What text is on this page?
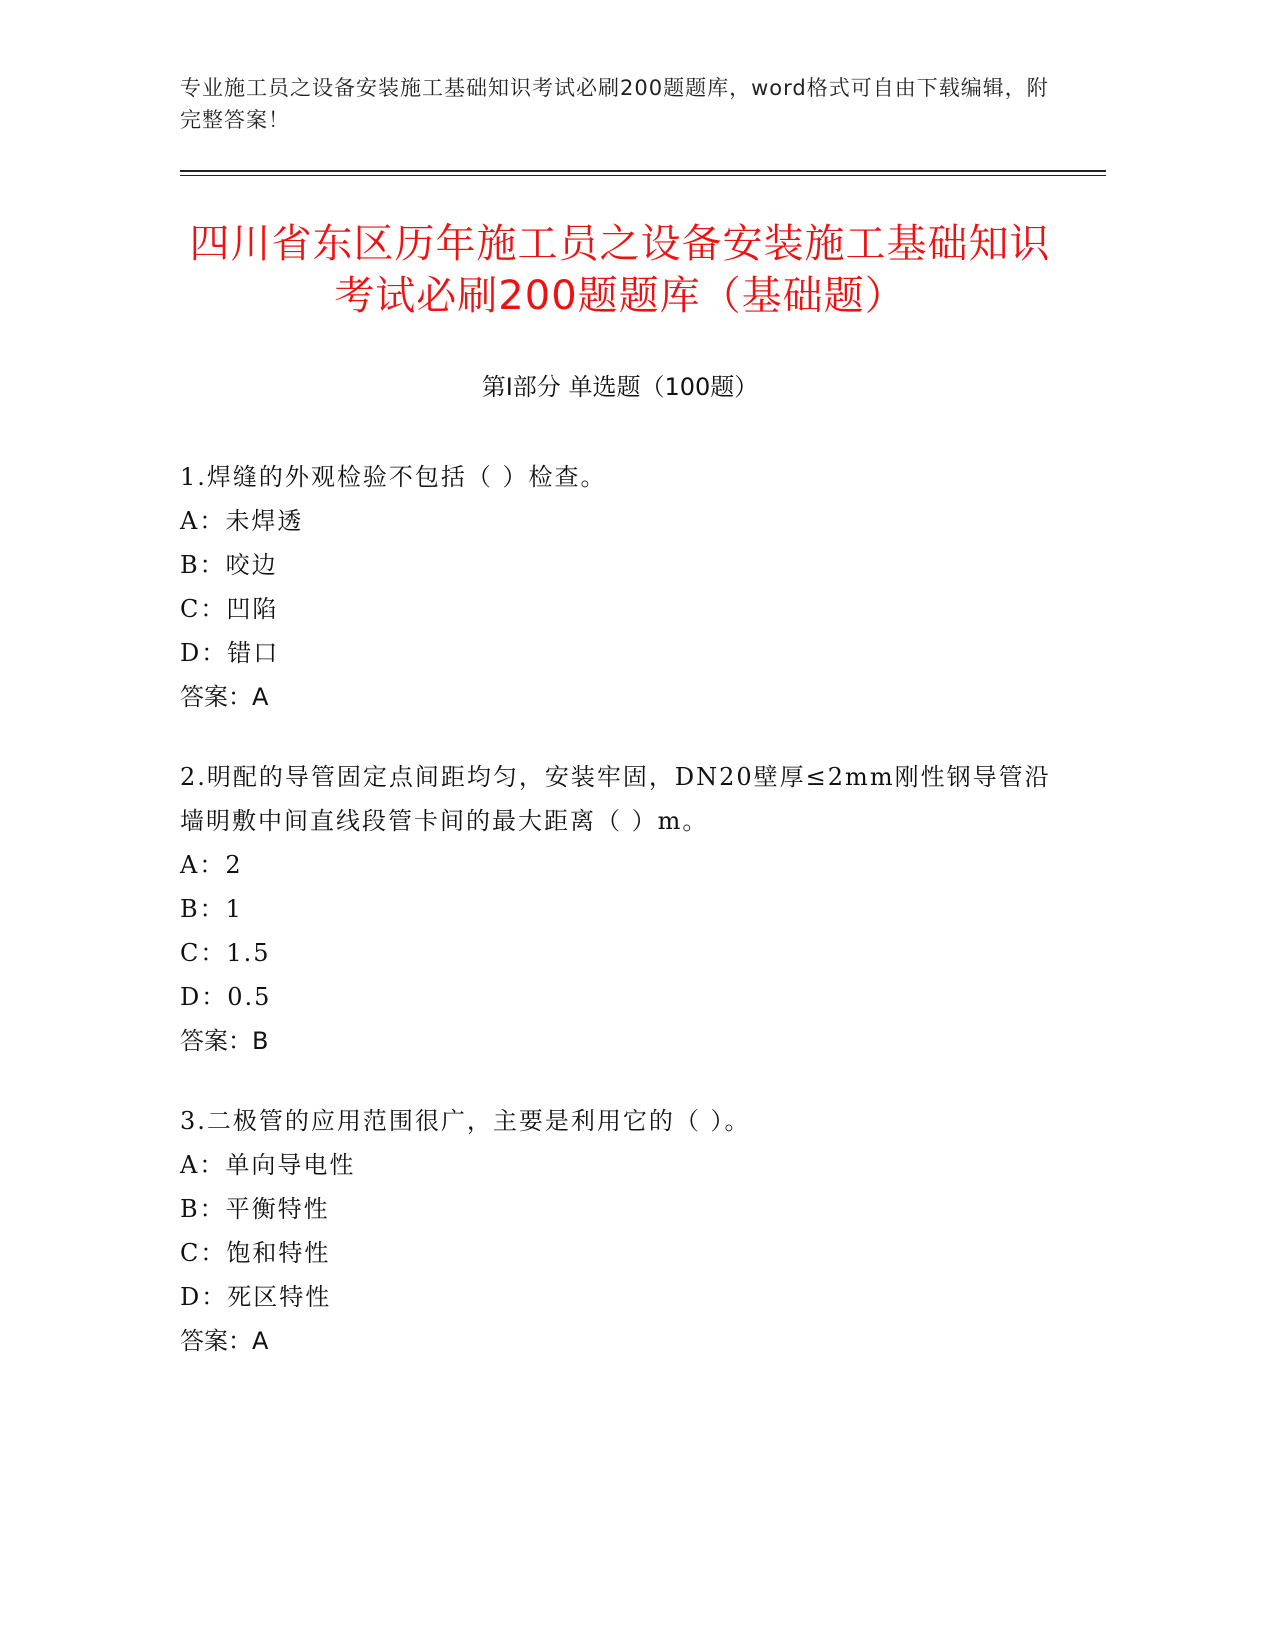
专业施工员之设备安装施工基础知识考试必刷200题题库，word格式可自由下载编辑，附完整答案！
四川省东区历年施工员之设备安装施工基础知识考试必刷200题题库（基础题）
第I部分 单选题（100题）

1.焊缝的外观检验不包括（ ）检查。

A：未焊透

B：咬边

C：凹陷

D：错口

答案：A

2.明配的导管固定点间距均匀，安装牢固，DN20壁厚≤2mm刚性钢导管沿墙明敷中间直线段管卡间的最大距离（ ）m。

A：2

B：1

C：1.5

D：0.5

答案：B

3.二极管的应用范围很广，主要是利用它的（ ）。

A：单向导电性

B：平衡特性

C：饱和特性

D：死区特性

答案：A
